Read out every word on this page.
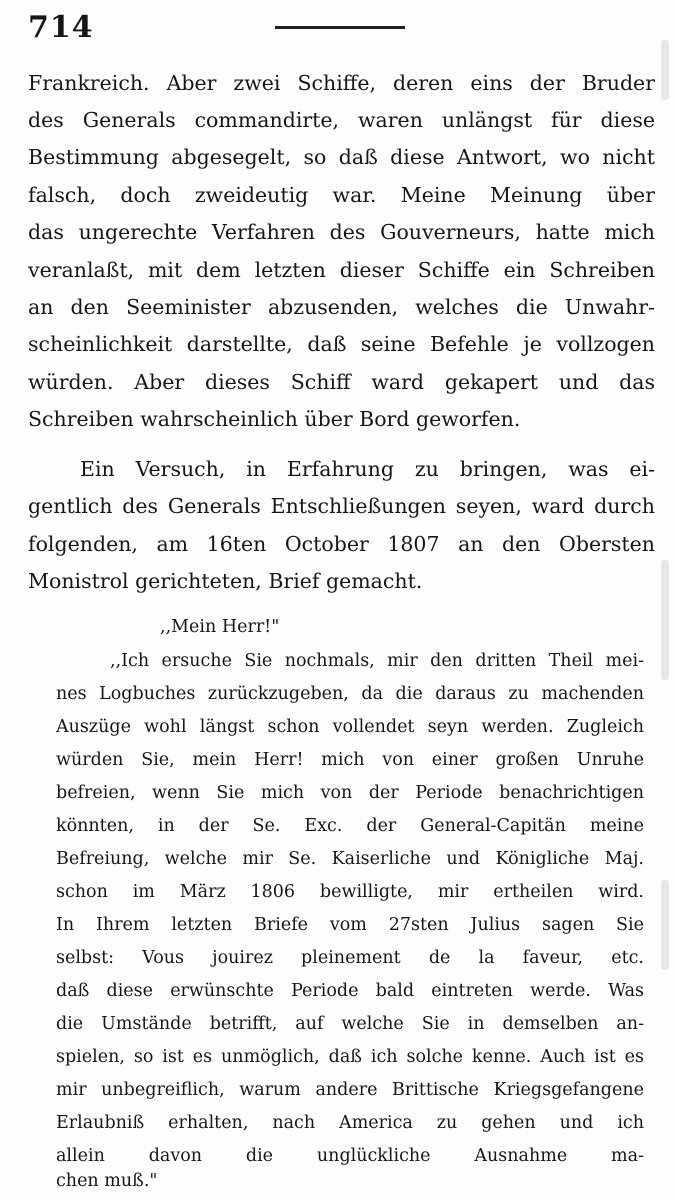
714
Frankreich. Aber zwei Schiffe, deren eins der Bruder
des Generals commandirte, waren unlängst für diese
Bestimmung abgesegelt, so daß diese Antwort, wo nicht
falsch, doch zweideutig war. Meine Meinung über
das ungerechte Verfahren des Gouverneurs, hatte mich
veranlaßt, mit dem letzten dieser Schiffe ein Schreiben
an den Seeminister abzusenden, welches die Unwahr-
scheinlichkeit darstellte, daß seine Befehle je vollzogen
würden. Aber dieses Schiff ward gekapert und das
Schreiben wahrscheinlich über Bord geworfen.
Ein Versuch, in Erfahrung zu bringen, was ei-
gentlich des Generals Entschließungen seyen, ward durch
folgenden, am 16ten October 1807 an den Obersten
Monistrol gerichteten, Brief gemacht.
,,Mein Herr!"
,,Ich ersuche Sie nochmals, mir den dritten Theil mei-
nes Logbuches zurückzugeben, da die daraus zu machenden
Auszüge wohl längst schon vollendet seyn werden. Zugleich
würden Sie, mein Herr! mich von einer großen Unruhe
befreien, wenn Sie mich von der Periode benachrichtigen
könnten, in der Se. Exc. der General-Capitän meine
Befreiung, welche mir Se. Kaiserliche und Königliche Maj.
schon im März 1806 bewilligte, mir ertheilen wird.
In Ihrem letzten Briefe vom 27sten Julius sagen Sie
selbst: Vous jouirez pleinement de la faveur, etc.
daß diese erwünschte Periode bald eintreten werde. Was
die Umstände betrifft, auf welche Sie in demselben an-
spielen, so ist es unmöglich, daß ich solche kenne. Auch ist es
mir unbegreiflich, warum andere Brittische Kriegsgefangene
Erlaubniß erhalten, nach America zu gehen und ich
allein davon die unglückliche Ausnahme ma-
chen muß."
